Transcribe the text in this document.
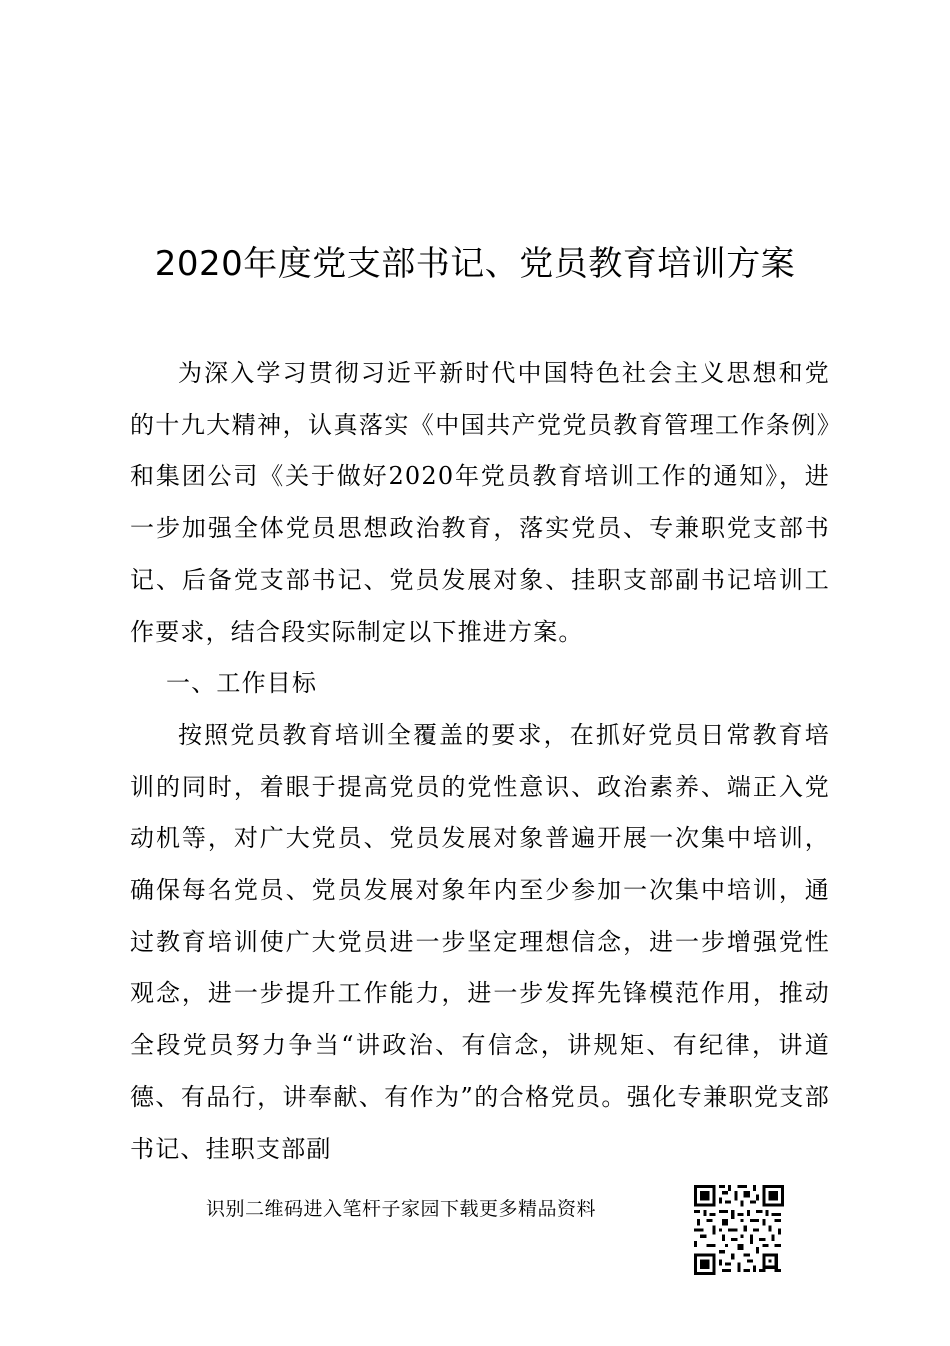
2020年度党支部书记、党员教育培训方案

为深入学习贯彻习近平新时代中国特色社会主义思想和党的十九大精神，认真落实《中国共产党党员教育管理工作条例》和集团公司《关于做好2020年党员教育培训工作的通知》，进一步加强全体党员思想政治教育，落实党员、专兼职党支部书记、后备党支部书记、党员发展对象、挂职支部副书记培训工作要求，结合段实际制定以下推进方案。

一、工作目标

按照党员教育培训全覆盖的要求，在抓好党员日常教育培训的同时，着眼于提高党员的党性意识、政治素养、端正入党动机等，对广大党员、党员发展对象普遍开展一次集中培训，确保每名党员、党员发展对象年内至少参加一次集中培训，通过教育培训使广大党员进一步坚定理想信念，进一步增强党性观念，进一步提升工作能力，进一步发挥先锋模范作用，推动全段党员努力争当“讲政治、有信念，讲规矩、有纪律，讲道德、有品行，讲奉献、有作为”的合格党员。强化专兼职党支部书记、挂职支部副

识别二维码进入笔杆子家园下载更多精品资料
